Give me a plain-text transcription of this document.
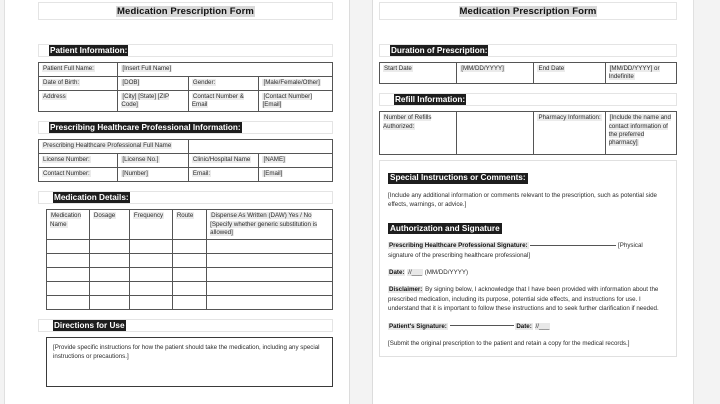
Medication Prescription Form
Patient Information:
Patient Full Name:	[Insert Full Name]		
Date of Birth:	[DOB]	Gender:	[Male/Female/Other]
Address	[City] [State] [ZIP Code]	Contact Number & Email	[Contact Number] [Email]
Prescribing Healthcare Professional Information:
Prescribing Healthcare Professional Full Name			
License Number:	[License No.]	Clinic/Hospital Name	[NAME]
Contact Number:	[Number]	Email:	[Email]
Medication Details:
Medication Name	Dosage	Frequency	Route	Dispense As Written (DAW) Yes / No [Specify whether generic substitution is allowed]

Directions for Use
[Provide specific instructions for how the patient should take the medication, including any special instructions or precautions.]
Medication Prescription Form
Duration of Prescription:
Start Date	[MM/DD/YYYY]	End Date	[MM/DD/YYYY] or Indefinite
Refill Information:
Number of Refills Authorized:		Pharmacy Information:	[Include the name and contact information of the preferred pharmacy]
Special Instructions or Comments:

[Include any additional information or comments relevant to the prescription, such as potential side effects, warnings, or advice.]

Authorization and Signature

Prescribing Healthcare Professional Signature:	[Physical signature of the prescribing healthcare professional]

Date: //___ (MM/DD/YYYY)

Disclaimer: By signing below, I acknowledge that I have been provided with information about the prescribed medication, including its purpose, potential side effects, and instructions for use. I understand that it is important to follow these instructions and to seek further clarification if needed.

Patient's Signature:	Date: //___

[Submit the original prescription to the patient and retain a copy for the medical records.]
